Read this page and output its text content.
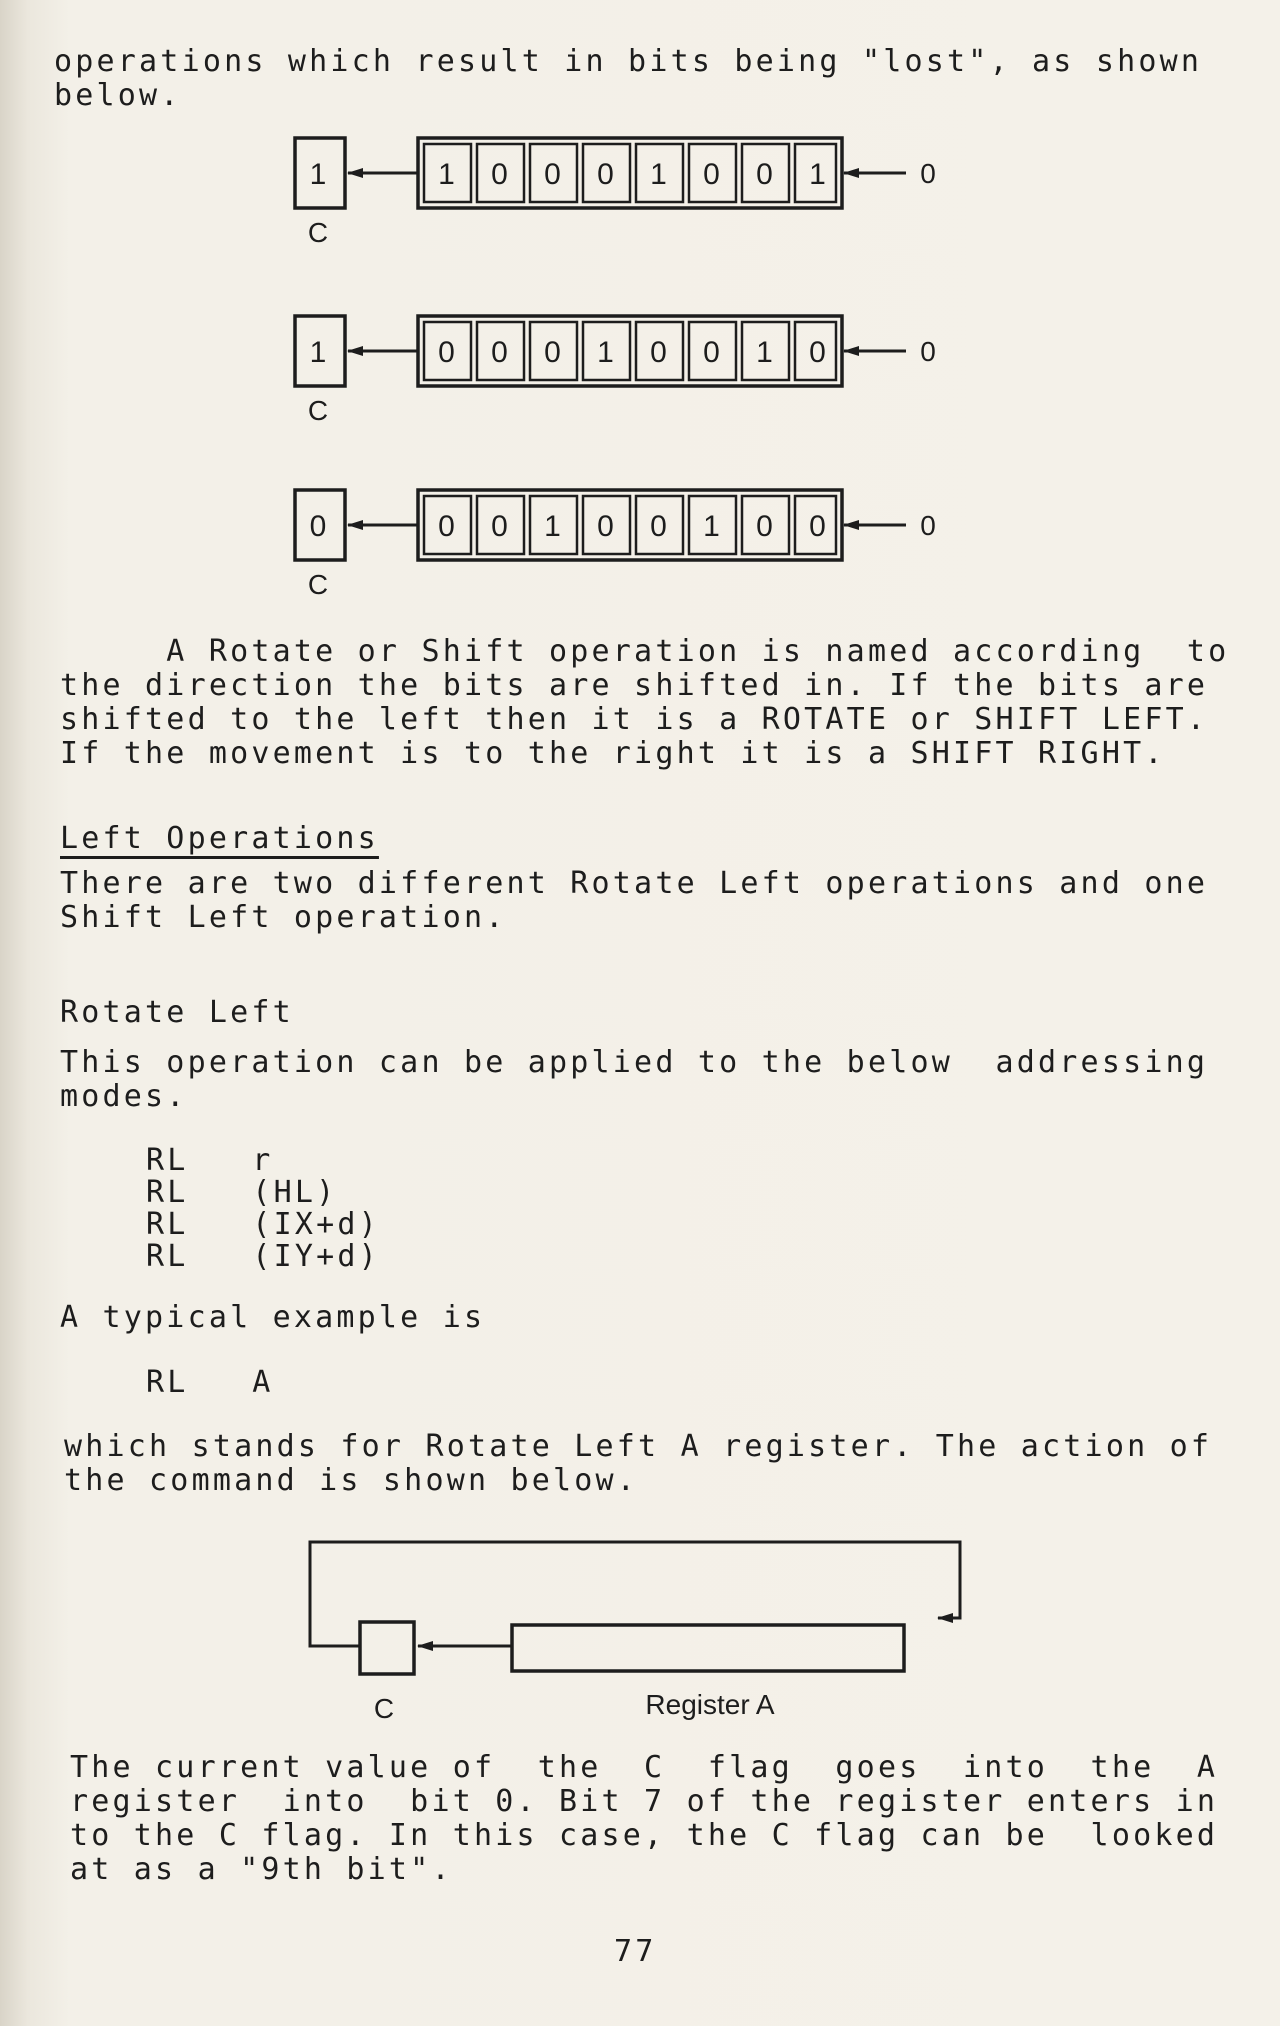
operations which result in bits being "lost", as shown
below.
1
C
1 0 0 0 1 0 0 1	0
1
C
0 0 0 1 0 0 1 0	0
0
C
0 0 1 0 0 1 0 0	0
A Rotate or Shift operation is named according  to
the direction the bits are shifted in. If the bits are
shifted to the left then it is a ROTATE or SHIFT LEFT.
If the movement is to the right it is a SHIFT RIGHT.
Left Operations
There are two different Rotate Left operations and one
Shift Left operation.
Rotate Left
This operation can be applied to the below  addressing
modes.
RL   r
RL   (HL)
RL   (IX+d)
RL   (IY+d)
A typical example is
RL   A
which stands for Rotate Left A register. The action of
the command is shown below.
C	Register A
The current value of  the  C  flag  goes  into  the  A
register  into  bit 0. Bit 7 of the register enters in
to the C flag. In this case, the C flag can be  looked
at as a "9th bit".
77
